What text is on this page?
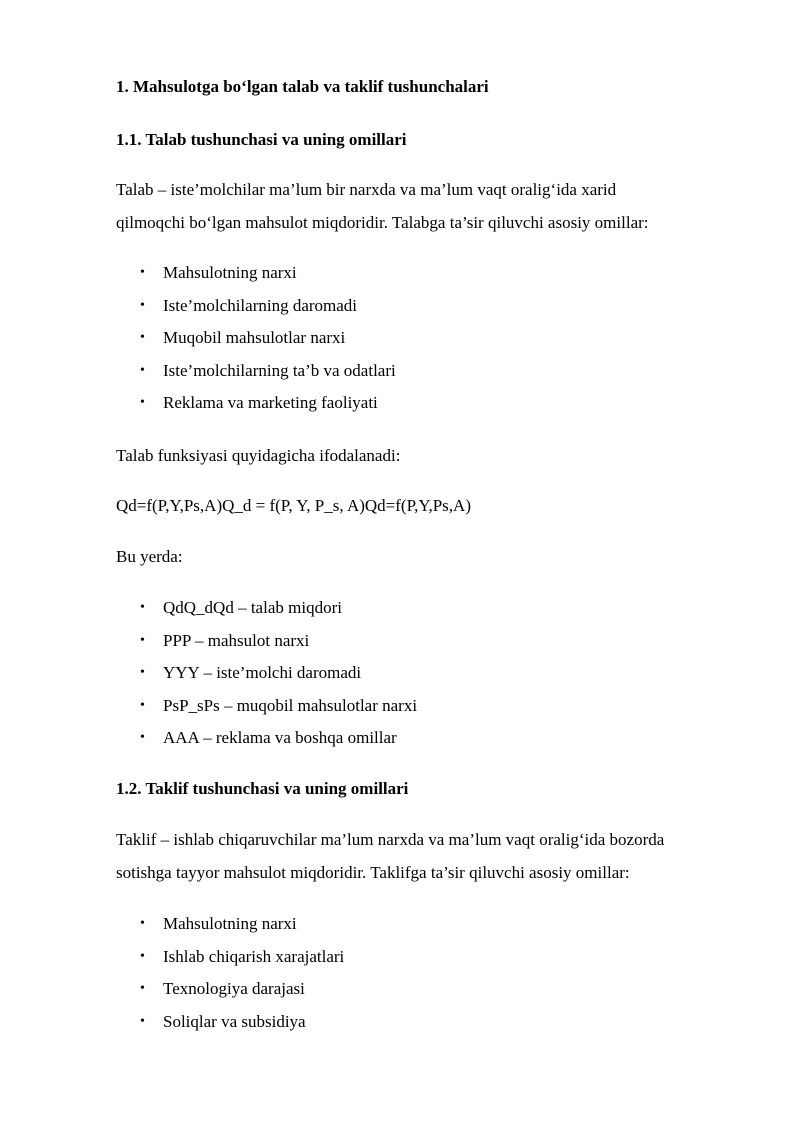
1. Mahsulotga bo‘lgan talab va taklif tushunchalari
1.1. Talab tushunchasi va uning omillari

Talab – iste’molchilar ma’lum bir narxda va ma’lum vaqt oralig‘ida xarid

qilmoqchi bo‘lgan mahsulot miqdoridir. Talabga ta’sir qiluvchi asosiy omillar:

• Mahsulotning narxi
• Iste’molchilarning daromadi
• Muqobil mahsulotlar narxi
• Iste’molchilarning ta’b va odatlari
• Reklama va marketing faoliyati

Talab funksiyasi quyidagicha ifodalanadi:

Qd=f(P,Y,Ps,A)Q_d = f(P, Y, P_s, A)Qd=f(P,Y,Ps,A)

Bu yerda:

• QdQ_dQd – talab miqdori
• PPP – mahsulot narxi
• YYY – iste’molchi daromadi
• PsP_sPs – muqobil mahsulotlar narxi
• AAA – reklama va boshqa omillar
1.2. Taklif tushunchasi va uning omillari

Taklif – ishlab chiqaruvchilar ma’lum narxda va ma’lum vaqt oralig‘ida bozorda

sotishga tayyor mahsulot miqdoridir. Taklifga ta’sir qiluvchi asosiy omillar:

• Mahsulotning narxi
• Ishlab chiqarish xarajatlari
• Texnologiya darajasi
• Soliqlar va subsidiya
